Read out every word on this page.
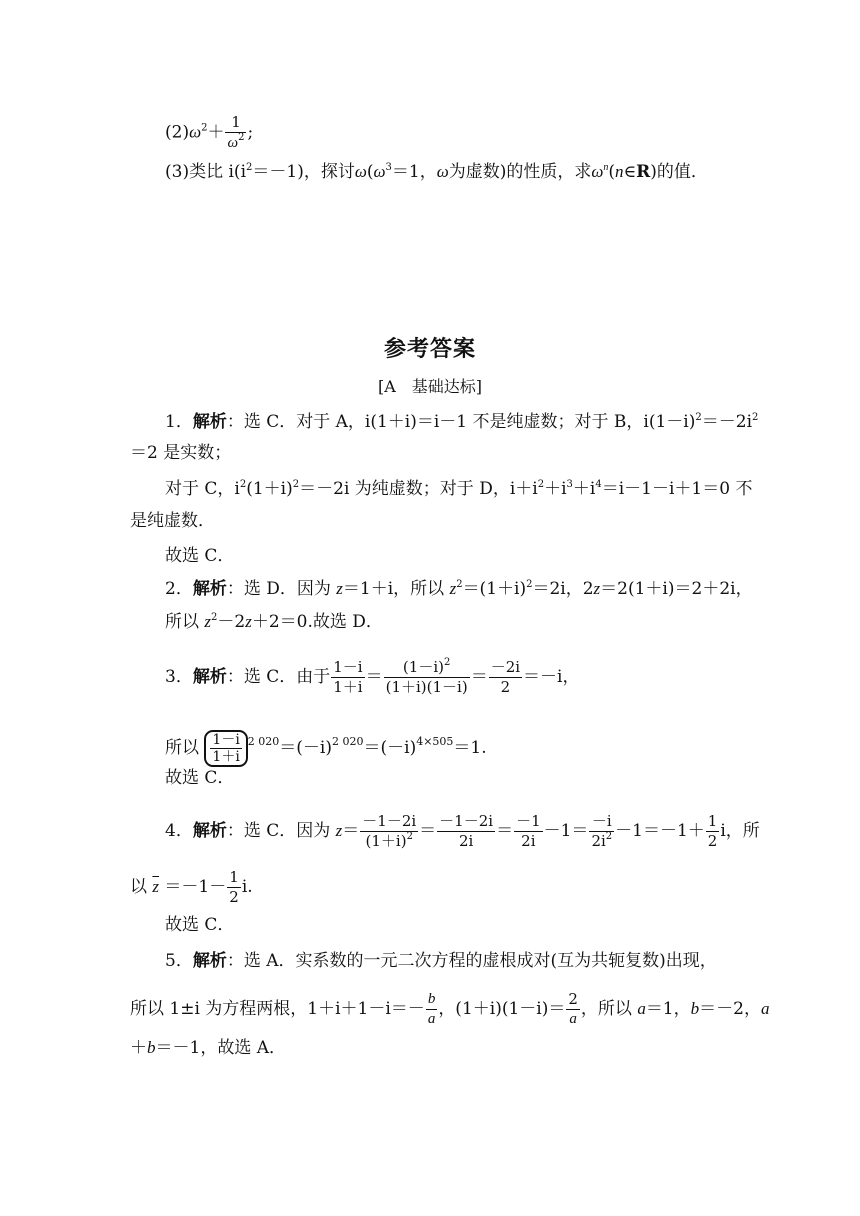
$(2)\omega^2+ \frac{1}{\omega^2}$ ;
(3)类比 $i(i^2=-1)$，探讨$\omega(\omega^3=1$，ω为虚数)的性质，求$\omega^n(n\in R)$的值．
参考答案
[A　基础达标]
1．解析：选 C．对于 A，i(1＋i)＝i－1 不是纯虚数；对于 B，$i(1-i)^2=-2i^2$
＝2 是实数；
对于 C，$i^2(1+i)^2=-2i$ 为纯虚数；对于 D，$i+i^2+i^3+i^4=i-1-i+1=0$ 不
是纯虚数．
故选 C．
2．解析：选 D．因为 z＝1＋i，所以 $z^2=(1+i)^2=2i$，2z＝2(1＋i)＝2＋2i，
所以 $z^2-2z+2=0$.故选 D．
3．解析：选 C．由于 $\frac{1-i}{1+i} = \frac{(1-i)^2}{(1+i)(1-i)} = \frac{-2i}{2} =-i$，
所以 $\frac{1-i}{1+i} ^{2 020}=(-i)^{2 020}=(-i)^{4\times 505}=1$.
故选 C．
4．解析：选 C．因为 $z= \frac{-1-2i}{(1+i)^2} = \frac{-1-2i}{2i} = \frac{-1}{2i} -1= \frac{-i}{2i^2} -1=-1+ \frac{1}{2}$ i，所
以 $\overline{z} =-1- \frac{1}{2} i$.
故选 C．
5．解析：选 A．实系数的一元二次方程的虚根成对(互为共轭复数)出现，
所以 1±i 为方程两根，$1+i+1-i=- \frac{b}{a}$ ，$(1+i)(1-i)= \frac{2}{a}$ ，所以 a＝1，b＝－2，a
＋b＝－1，故选 A．
